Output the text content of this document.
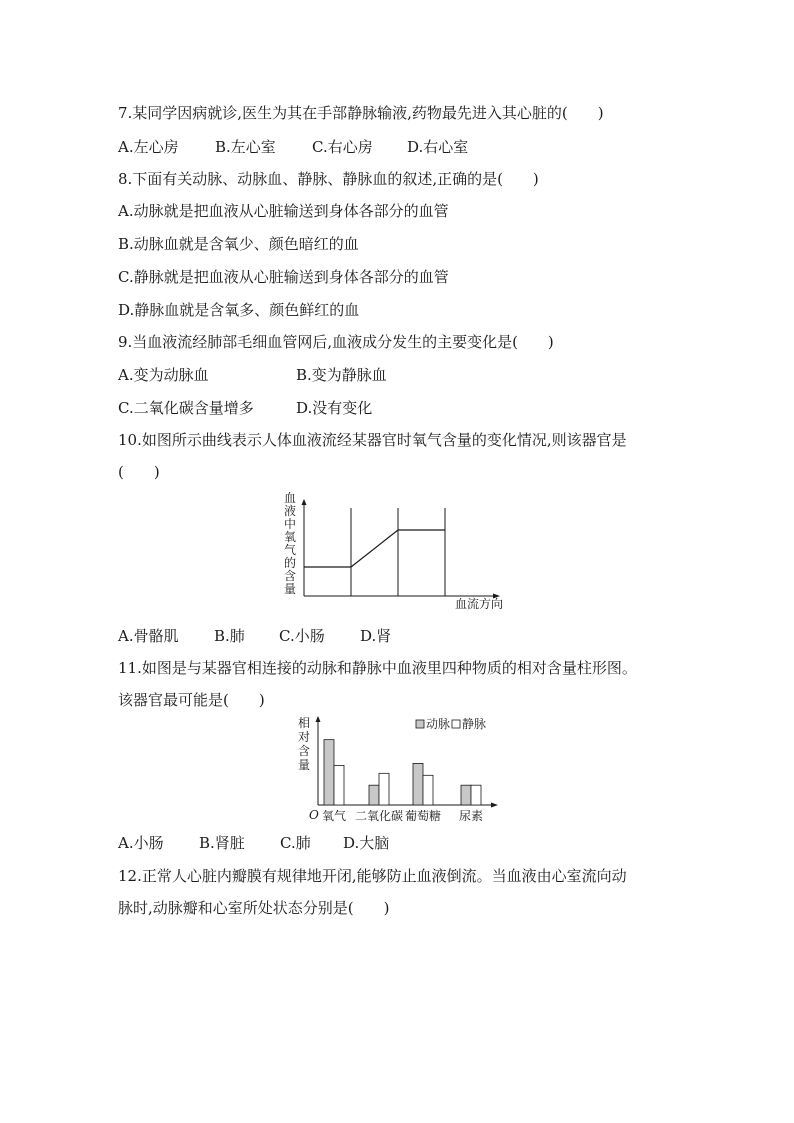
7.某同学因病就诊,医生为其在手部静脉输液,药物最先进入其心脏的(　　)
A.左心房 B.左心室 C.右心房 D.右心室
8.下面有关动脉、动脉血、静脉、静脉血的叙述,正确的是(　　)
A.动脉就是把血液从心脏输送到身体各部分的血管
B.动脉血就是含氧少、颜色暗红的血
C.静脉就是把血液从心脏输送到身体各部分的血管
D.静脉血就是含氧多、颜色鲜红的血
9.当血液流经肺部毛细血管网后,血液成分发生的主要变化是(　　)
A.变为动脉血	B.变为静脉血
C.二氧化碳含量增多	D.没有变化
10.如图所示曲线表示人体血液流经某器官时氧气含量的变化情况,则该器官是
(　　)
血
液
中
氧
气
的
含
量
血流方向
A.骨骼肌 B.肺 C.小肠 D.肾
11.如图是与某器官相连接的动脉和静脉中血液里四种物质的相对含量柱形图。
该器官最可能是(　　)
相
对
含
量
O 氧气 二氧化碳 葡萄糖 尿素
动脉 静脉
A.小肠 B.肾脏 C.肺 D.大脑
12.正常人心脏内瓣膜有规律地开闭,能够防止血液倒流。当血液由心室流向动
脉时,动脉瓣和心室所处状态分别是(　　)
